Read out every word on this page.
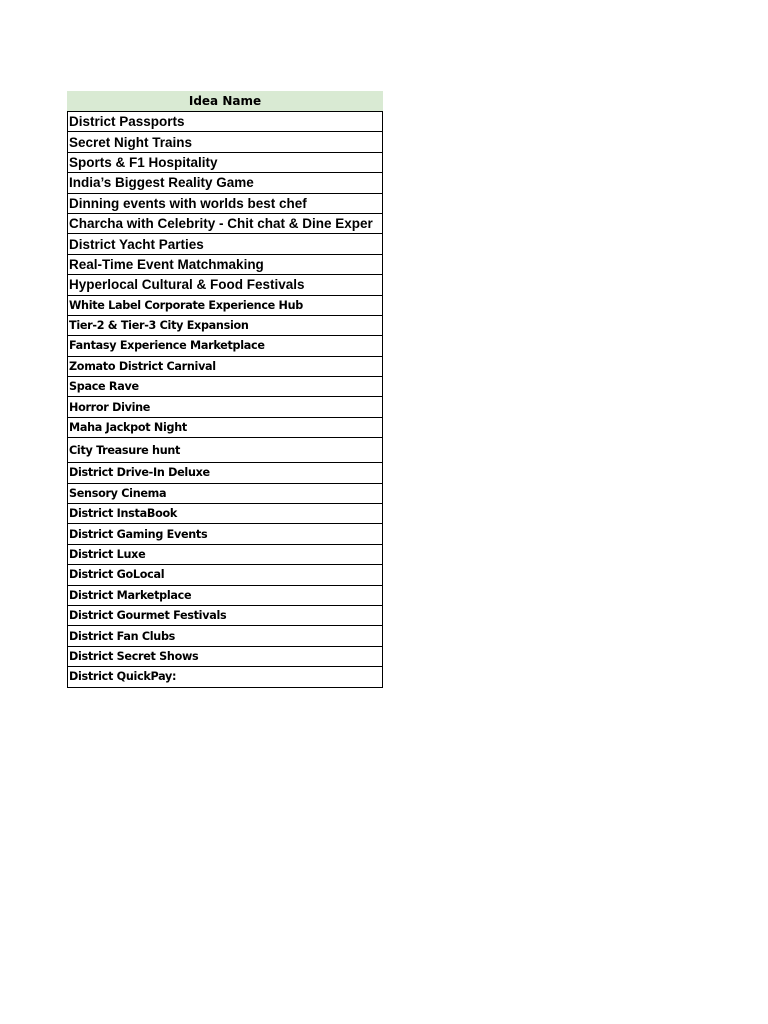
Idea Name
District Passports
Secret Night Trains
Sports & F1 Hospitality
India’s Biggest Reality Game
Dinning events with worlds best chef
Charcha with Celebrity - Chit chat & Dine Exper
District Yacht Parties
Real-Time Event Matchmaking
Hyperlocal Cultural & Food Festivals
White Label Corporate Experience Hub
Tier-2 & Tier-3 City Expansion
Fantasy Experience Marketplace
Zomato District Carnival
Space Rave
Horror Divine
Maha Jackpot Night
City Treasure hunt
District Drive-In Deluxe
Sensory Cinema
District InstaBook
District Gaming Events
District Luxe
District GoLocal
District Marketplace
District Gourmet Festivals
District Fan Clubs
District Secret Shows
District QuickPay:
